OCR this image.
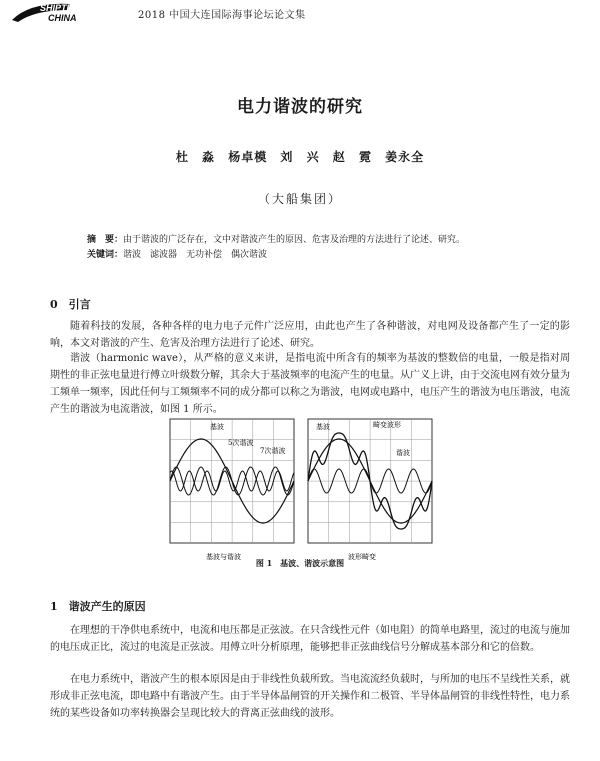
SHIPTEL
CHINA	2018 中国大连国际海事论坛论文集
电力谐波的研究
杜 淼 杨卓模 刘 兴 赵 霓 姜永全
（大船集团）
摘　要：由于谐波的广泛存在，文中对谐波产生的原因、危害及治理的方法进行了论述、研究。
关键词：谐波　滤波器　无功补偿　偶次谐波
0　引言
随着科技的发展，各种各样的电力电子元件广泛应用，由此也产生了各种谐波，对电网及设备都产生了一定的影响，本文对谐波的产生、危害及治理方法进行了论述、研究。
谐波（harmonic wave），从严格的意义来讲，是指电流中所含有的频率为基波的整数倍的电量，一般是指对周期性的非正弦电量进行傅立叶级数分解，其余大于基波频率的电流产生的电量。从广义上讲，由于交流电网有效分量为工频单一频率，因此任何与工频频率不同的成分都可以称之为谐波，电网或电路中，电压产生的谐波为电压谐波，电流产生的谐波为电流谐波，如图 1 所示。
基波
5次谐波
7次谐波
基波与谐波
基波	畸变波形
谐波
波形畸变
图 1　基波、谐波示意图
1　谐波产生的原因
在理想的干净供电系统中，电流和电压都是正弦波。在只含线性元件（如电阻）的简单电路里，流过的电流与施加的电压成正比，流过的电流是正弦波。用傅立叶分析原理，能够把非正弦曲线信号分解成基本部分和它的倍数。
在电力系统中，谐波产生的根本原因是由于非线性负载所致。当电流流经负载时，与所加的电压不呈线性关系，就形成非正弦电流，即电路中有谐波产生。由于半导体晶闸管的开关操作和二极管、半导体晶闸管的非线性特性，电力系统的某些设备如功率转换器会呈现比较大的背离正弦曲线的波形。
